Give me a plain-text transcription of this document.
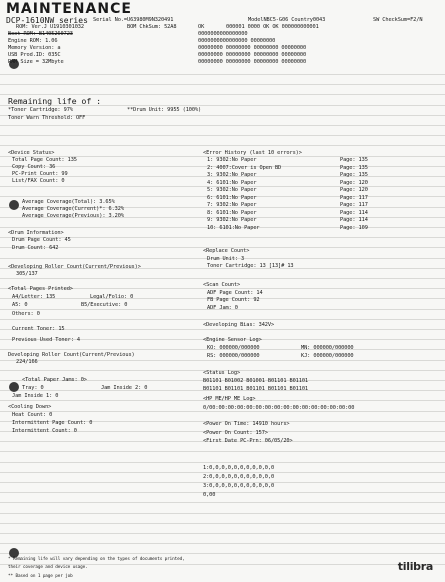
MAINTENANCE
DCP-1610NW series Serial No.=U63980M9N320491	ModelNBC5-G06 Country0043	SW CheckSum=F2/N
ROM: Ver.J U1910301032	BOM ChkSum: 52A8	OK	000001 0000 OK OK 000000000001
Boot ROM: B1405260723
Engine ROM: 1.06
Memory Version: a
USB Prod.ID: 035C
RAM Size = 32Mbyte
0000000000000000
0000000000000000 00000000
00000000 00000000 00000000 00000000
00000000 00000000 00000000 00000000
00000000 00000000 00000000 00000000
Remaining life of :
*Toner Cartridge: 97%	**Drum Unit: 9955 (100%)
Toner Warn Threshold: OFF
<Device Status>
Total Page Count: 135
Copy Count: 36
PC-Print Count: 99
List/FAX Count: 0
Average Coverage(Total): 3.65%
Average Coverage(Current)*: 6.32%
Average Coverage(Previous): 3.20%
<Error History (last 10 errors)>
1: 9302:No Paper	Page: 135
2: 4007:Cover is Open BD	Page: 135
3: 9302:No Paper	Page: 135
4: 6101:No Paper	Page: 120
5: 9302:No Paper	Page: 120
6: 6101:No Paper	Page: 117
7: 9302:No Paper	Page: 117
8: 6101:No Paper	Page: 114
9: 9302:No Paper	Page: 114
10: 6101:No Paper	Page: 109
<Drum Information>
Drum Page Count: 45
Drum Count: 642	<Replace Count>
Drum Unit: 3
Toner Cartridge: 13 [13]# 13
<Developing Roller Count(Current/Previous)>
305/137
<Total Pages Printed>
A4/Letter: 135	Legal/Folio: 0
A5: 0	B5/Executive: 0
Others: 0
<Scan Count>
ADF Page Count: 14
FB Page Count: 92
ADF Jam: 0
<Developing Bias: 342V>
Current Toner: 15
Previous Used Toner: 4	<Engine Sensor Log>
KO: 000000/000000	MN: 000000/000000
RS: 000000/000000	KJ: 000000/000000
Developing Roller Count(Current/Previous)
224/166
<Status Log>
B01101 B01002 B01001 B01101 B01101
B01101 B01101 B01101 B01101 B01101
<Total Paper Jams: 0>
Tray: 0	Jam Inside 2: 0
Jam Inside 1: 0	<HP ME/HP ME Log>
0/00:00:00:00:00:00:00:00:00:00:00:00:00:00:00:00
<Cooling Down>
Heat Count: 0
Intermittent Page Count: 0
Intermittent Count: 0
<Power On Time: 14910 hours>
<Power On Count: 157>
<First Date PC-Prn: 06/05/20>
1:0,0,0,0,0,0,0,0,0,0,0
2:0,0,0,0,0,0,0,0,0,0,0
3:0,0,0,0,0,0,0,0,0,0,0
0,00
* Remaining life will vary depending on the types of documents printed,
their coverage and device usage.
** Based on 1 page per job
tilibra
